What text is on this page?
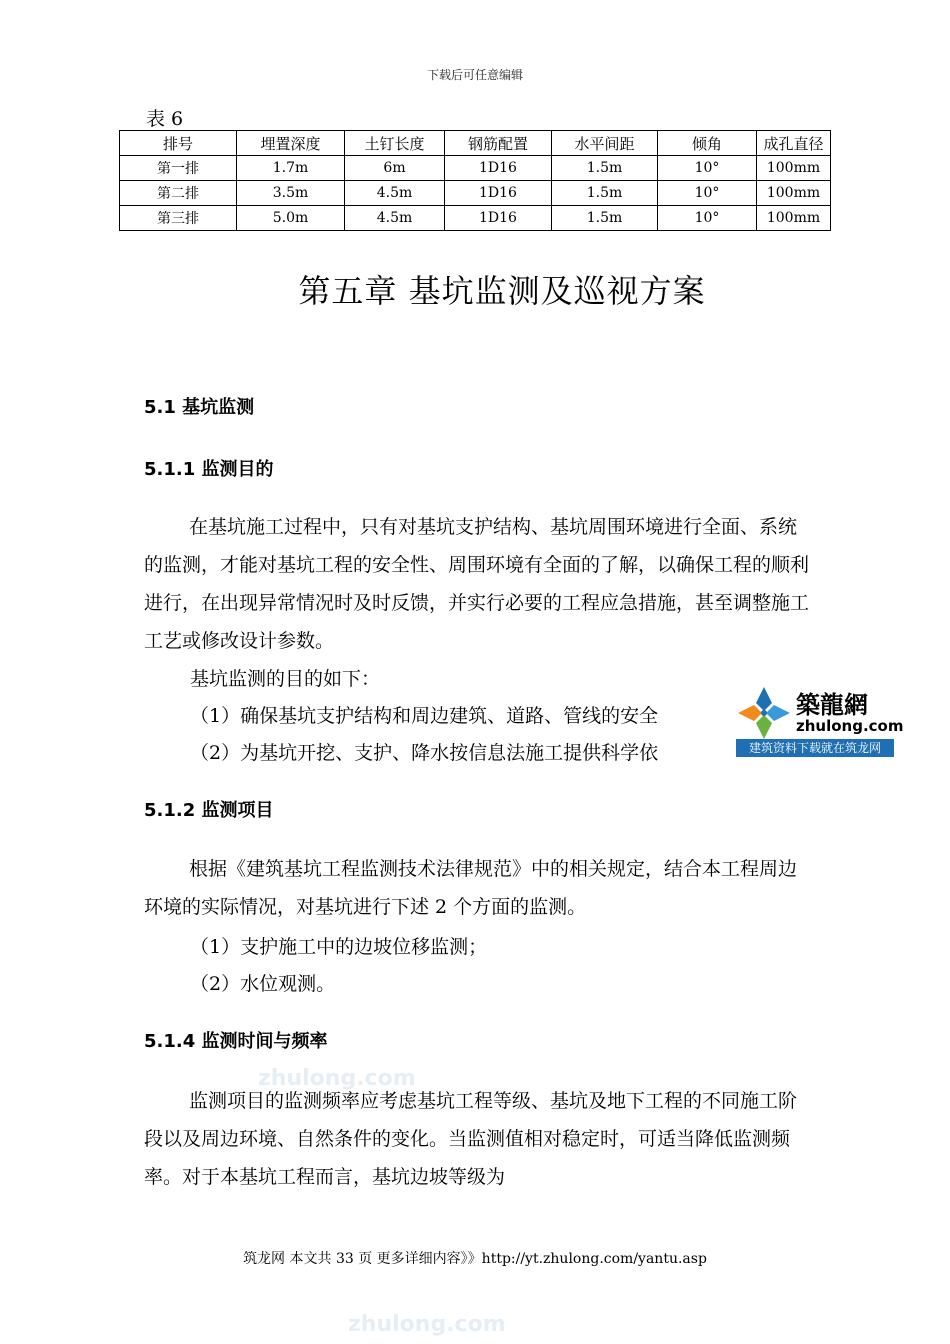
下载后可任意编辑
表 6
排号	埋置深度	土钉长度	钢筋配置	水平间距	倾角	成孔直径
第一排	1.7m	6m	1D16	1.5m	10°	100mm
第二排	3.5m	4.5m	1D16	1.5m	10°	100mm
第三排	5.0m	4.5m	1D16	1.5m	10°	100mm
第五章 基坑监测及巡视方案
5.1 基坑监测
5.1.1 监测目的

在基坑施工过程中，只有对基坑支护结构、基坑周围环境进行全面、系统的监测，才能对基坑工程的安全性、周围环境有全面的了解，以确保工程的顺利进行，在出现异常情况时及时反馈，并实行必要的工程应急措施，甚至调整施工工艺或修改设计参数。

基坑监测的目的如下：

（1）确保基坑支护结构和周边建筑、道路、管线的安全

（2）为基坑开挖、支护、降水按信息法施工提供科学依

築龍網
zhulong.com
建筑资料下载就在筑龙网
5.1.2 监测项目

根据《建筑基坑工程监测技术法律规范》中的相关规定，结合本工程周边环境的实际情况，对基坑进行下述 2 个方面的监测。

（1）支护施工中的边坡位移监测；

（2）水位观测。

5.1.4 监测时间与频率
zhulong.com

监测项目的监测频率应考虑基坑工程等级、基坑及地下工程的不同施工阶段以及周边环境、自然条件的变化。当监测值相对稳定时，可适当降低监测频率。对于本基坑工程而言，基坑边坡等级为

筑龙网 本文共 33 页 更多详细内容》》http://yt.zhulong.com/yantu.asp
zhulong.com
